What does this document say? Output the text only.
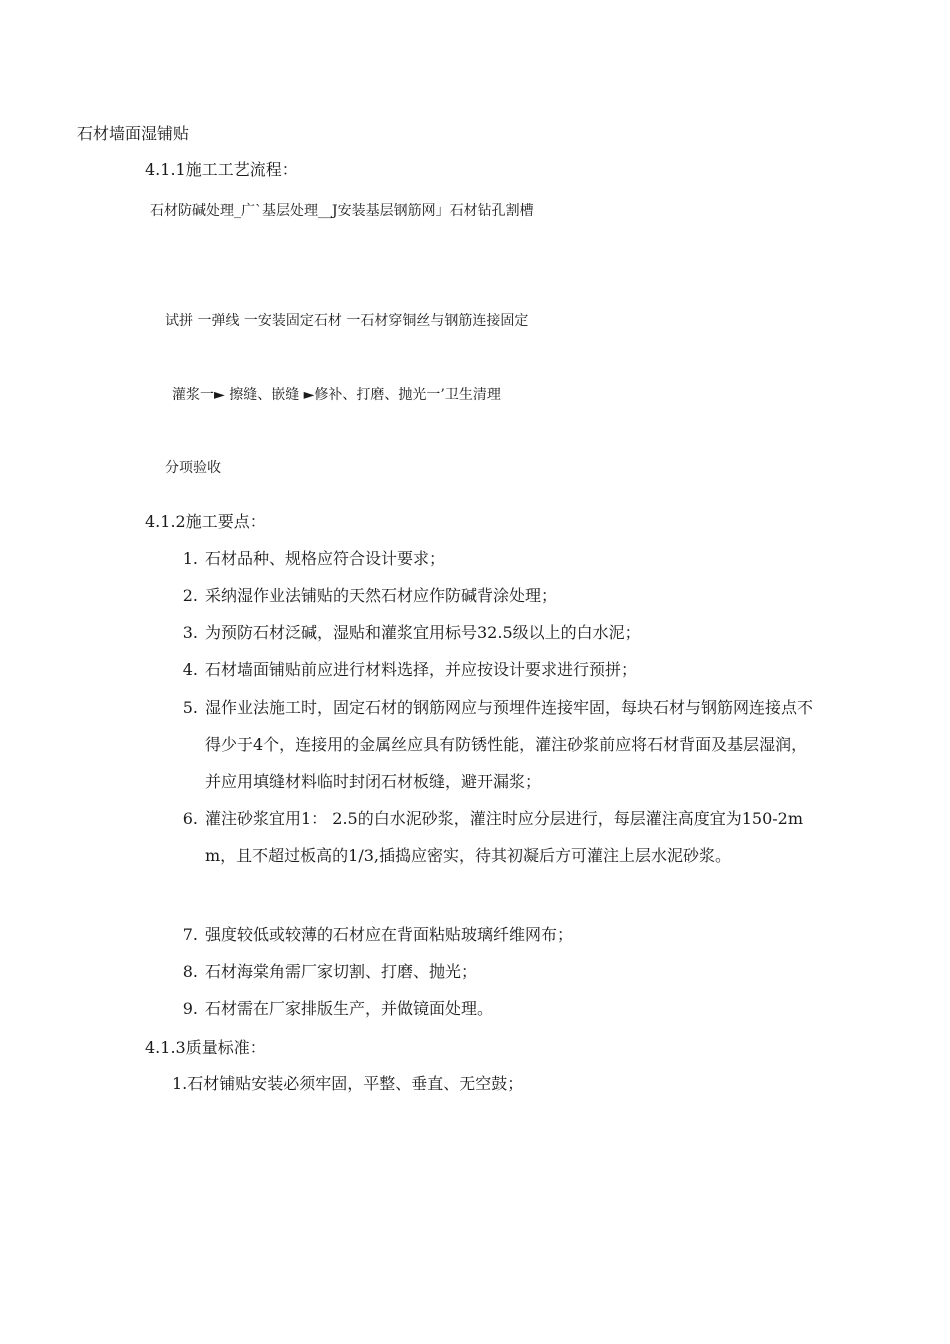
石材墙面湿铺贴
4.1.1施工工艺流程：
石材防碱处理_广`基层处理__J安装基层钢筋网」石材钻孔割槽
试拼 一弹线 一安装固定石材 一石材穿铜丝与钢筋连接固定
灌浆一► 擦缝、嵌缝 ►修补、打磨、抛光一’卫生清理
分项验收
4.1.2施工要点：
1. 石材品种、规格应符合设计要求；
2. 采纳湿作业法铺贴的天然石材应作防碱背涂处理；
3. 为预防石材泛碱，湿贴和灌浆宜用标号32.5级以上的白水泥；
4. 石材墙面铺贴前应进行材料选择，并应按设计要求进行预拼；
5. 湿作业法施工时，固定石材的钢筋网应与预埋件连接牢固，每块石材与钢筋网连接点不得少于4个，连接用的金属丝应具有防锈性能，灌注砂浆前应将石材背面及基层湿润，并应用填缝材料临时封闭石材板缝，避开漏浆；
6. 灌注砂浆宜用1： 2.5的白水泥砂浆，灌注时应分层进行，每层灌注高度宜为150-2mm，且不超过板高的1/3,插捣应密实，待其初凝后方可灌注上层水泥砂浆。
7. 强度较低或较薄的石材应在背面粘贴玻璃纤维网布；
8. 石材海棠角需厂家切割、打磨、抛光；
9. 石材需在厂家排版生产，并做镜面处理。
4.1.3质量标准：
1.石材铺贴安装必须牢固，平整、垂直、无空鼓；
